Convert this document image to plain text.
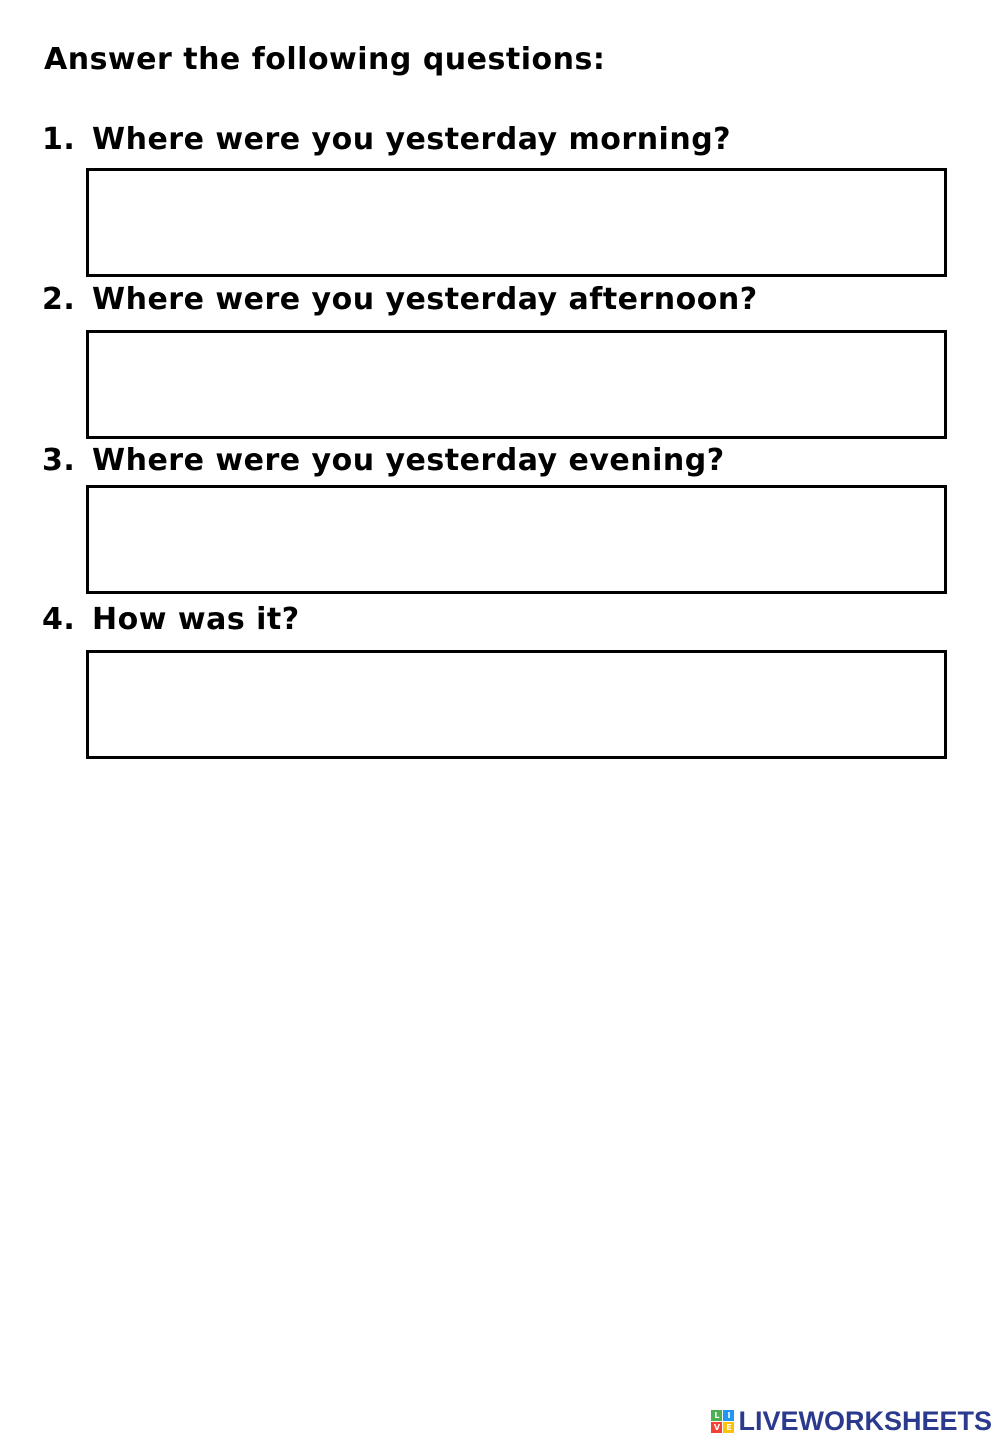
Answer the following questions:
1. Where were you yesterday morning?
2. Where were you yesterday afternoon?
3. Where were you yesterday evening?
4. How was it?
L I
V E LIVEWORKSHEETS
